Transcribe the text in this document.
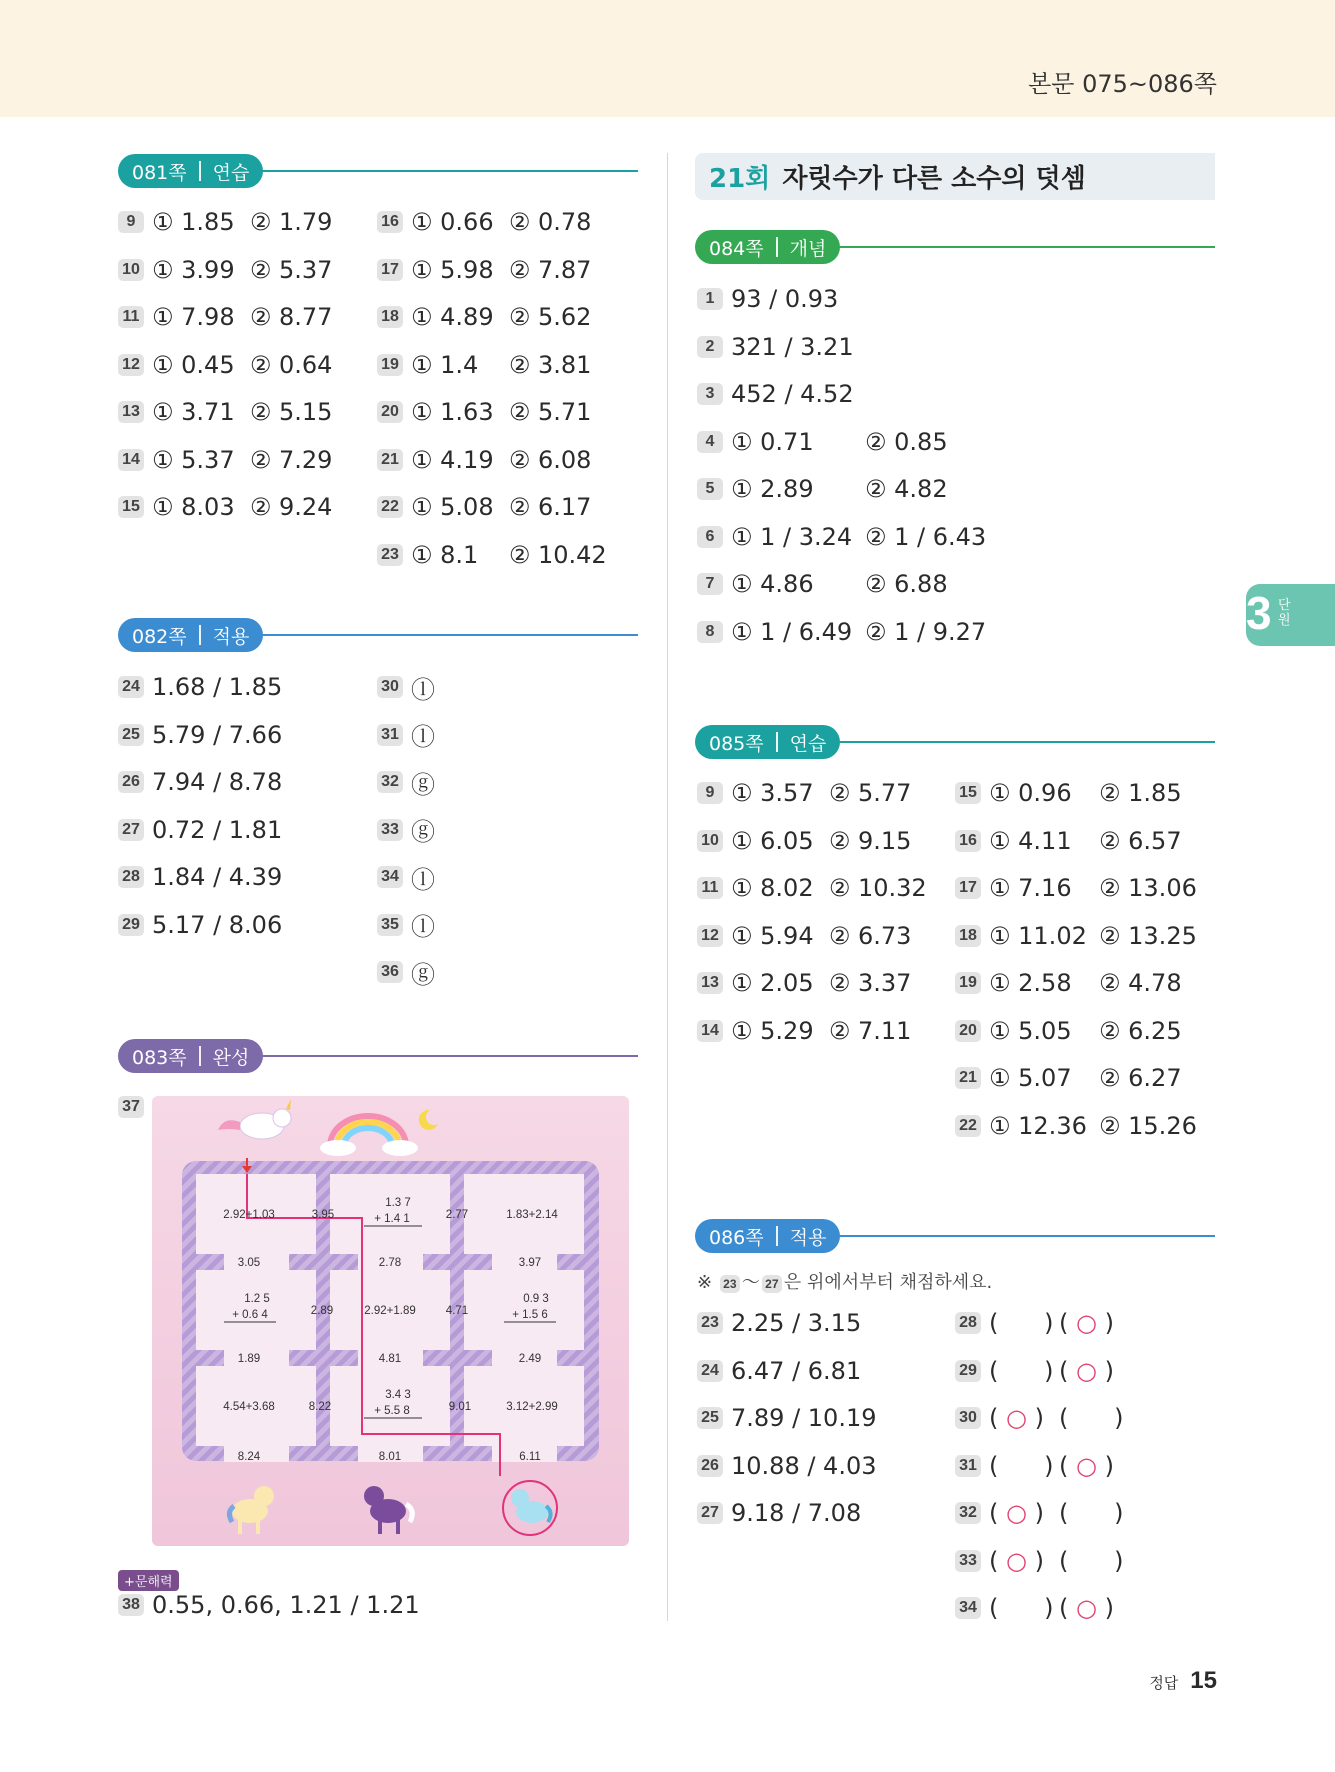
본문 075~086쪽
081쪽 연습
9 ① 1.85  ② 1.79
10 ① 3.99  ② 5.37
11 ① 7.98  ② 8.77
12 ① 0.45  ② 0.64
13 ① 3.71  ② 5.15
14 ① 5.37  ② 7.29
15 ① 8.03  ② 9.24
16 ① 0.66  ② 0.78
17 ① 5.98  ② 7.87
18 ① 4.89  ② 5.62
19 ① 1.4    ② 3.81
20 ① 1.63  ② 5.71
21 ① 4.19  ② 6.08
22 ① 5.08  ② 6.17
23 ① 8.1    ② 10.42
082쪽 적용
24 1.68 / 1.85
25 5.79 / 7.66
26 7.94 / 8.78
27 0.72 / 1.81
28 1.84 / 4.39
29 5.17 / 8.06
30 ⓛ
31 ⓛ
32 ⓖ
33 ⓖ
34 ⓛ
35 ⓛ
36 ⓖ
083쪽 완성
37
2.92+1.03	3.95
1.3 7
+ 1.4 1	2.77	1.83+2.14
3.05	2.78	3.97
1.2 5
+ 0.6 4	2.89	2.92+1.89	4.71
0.9 3
+ 1.5 6
1.89	4.81	2.49
4.54+3.68	8.22
3.4 3
+ 5.5 8	9.01	3.12+2.99
8.24	8.01	6.11
+문해력
38 0.55, 0.66, 1.21 / 1.21
21회 자릿수가 다른 소수의 덧셈
084쪽 개념
1 93 / 0.93
2 321 / 3.21
3 452 / 4.52
4 ① 0.71	② 0.85
5 ① 2.89	② 4.82
6 ① 1 / 3.24 ② 1 / 6.43
7 ① 4.86	② 6.88
8 ① 1 / 6.49 ② 1 / 9.27
085쪽 연습
9 ① 3.57  ② 5.77
10 ① 6.05  ② 9.15
11 ① 8.02  ② 10.32
12 ① 5.94  ② 6.73
13 ① 2.05  ② 3.37
14 ① 5.29  ② 7.11
15 ① 0.96	② 1.85
16 ① 4.11	② 6.57
17 ① 7.16	② 13.06
18 ① 11.02 ② 13.25
19 ① 2.58	② 4.78
20 ① 5.05	② 6.25
21 ① 5.07	② 6.27
22 ① 12.36 ② 15.26
086쪽 적용
※ 23 ～ 27 은 위에서부터 채점하세요.
23 2.25 / 3.15
24 6.47 / 6.81
25 7.89 / 10.19
26 10.88 / 4.03
27 9.18 / 7.08
28 (      ) ( ○ )
29 (      ) ( ○ )
30 ( ○ ) (      )
31 (      ) ( ○ )
32 ( ○ ) (      )
33 ( ○ ) (      )
34 (      ) ( ○ )
3 단
원
정답 15
